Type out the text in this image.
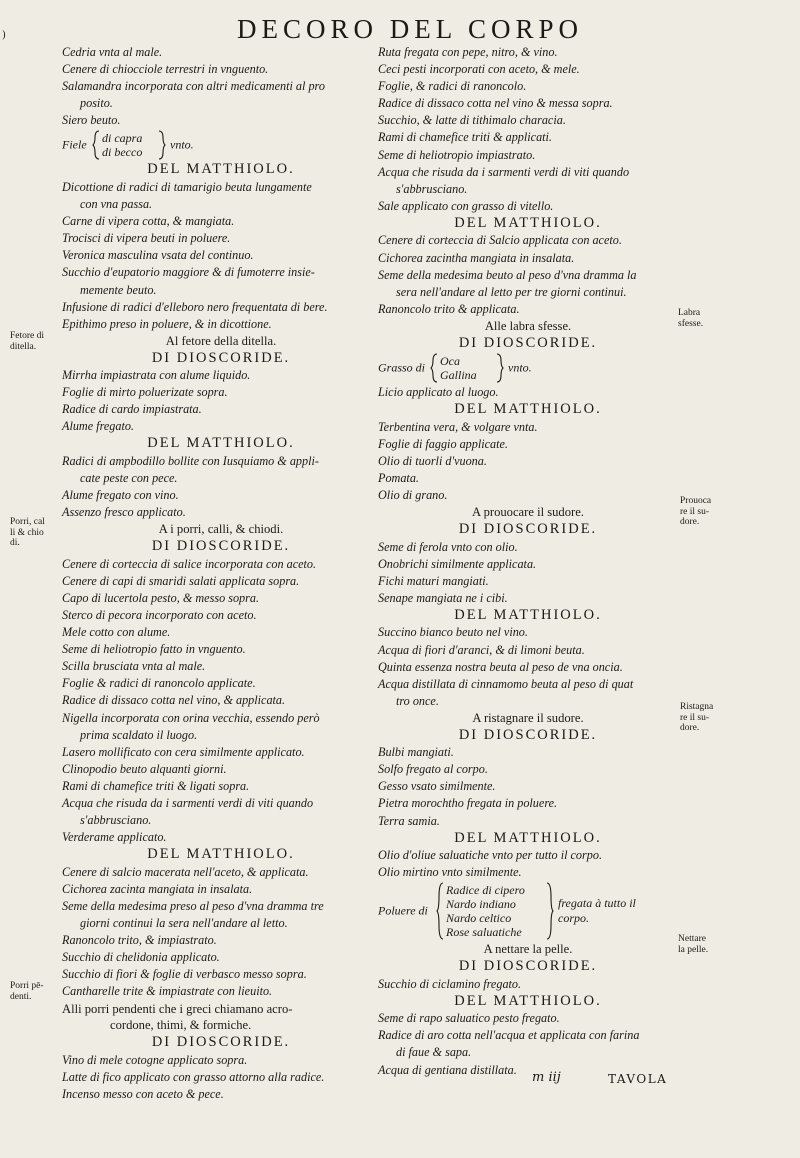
)	DECORO DEL CORPO
Cedria vnta al male.
Cenere di chiocciole terrestri in vnguento.
Salamandra incorporata con altri medicamenti al pro
posito.
Siero beuto.
Fiele di capra
di becco
vnto.
DEL MATTHIOLO.
Dicottione di radici di tamarigio beuta lungamente
con vna passa.
Carne di vipera cotta, & mangiata.
Trocisci di vipera beuti in poluere.
Veronica masculina vsata del continuo.
Succhio d'eupatorio maggiore & di fumoterre insie-
memente beuto.
Infusione di radici d'elleboro nero frequentata di bere.
Epithimo preso in poluere, & in dicottione.
Al fetore della ditella.
DI DIOSCORIDE.
Mirrha impiastrata con alume liquido.
Foglie di mirto poluerizate sopra.
Radice di cardo impiastrata.
Alume fregato.
DEL MATTHIOLO.
Radici di ampbodillo bollite con Iusquiamo & appli-
cate peste con pece.
Alume fregato con vino.
Assenzo fresco applicato.
A i porri, calli, & chiodi.
DI DIOSCORIDE.
Cenere di corteccia di salice incorporata con aceto.
Cenere di capi di smaridi salati applicata sopra.
Capo di lucertola pesto, & messo sopra.
Sterco di pecora incorporato con aceto.
Mele cotto con alume.
Seme di heliotropio fatto in vnguento.
Scilla brusciata vnta al male.
Foglie & radici di ranoncolo applicate.
Radice di dissaco cotta nel vino, & applicata.
Nigella incorporata con orina vecchia, essendo però
prima scaldato il luogo.
Lasero mollificato con cera similmente applicato.
Clinopodio beuto alquanti giorni.
Rami di chamefice triti & ligati sopra.
Acqua che risuda da i sarmenti verdi di viti quando
s'abbrusciano.
Verderame applicato.
DEL MATTHIOLO.
Cenere di salcio macerata nell'aceto, & applicata.
Cichorea zacinta mangiata in insalata.
Seme della medesima preso al peso d'vna dramma tre
giorni continui la sera nell'andare al letto.
Ranoncolo trito, & impiastrato.
Succhio di chelidonia applicato.
Succhio di fiori & foglie di verbasco messo sopra.
Cantharelle trite & impiastrate con lieuito.
Alli porri pendenti che i greci chiamano acro-
cordone, thimi, & formiche.
DI DIOSCORIDE.
Vino di mele cotogne applicato sopra.
Latte di fico applicato con grasso attorno alla radice.
Incenso messo con aceto & pece.
Ruta fregata con pepe, nitro, & vino.
Ceci pesti incorporati con aceto, & mele.
Foglie, & radici di ranoncolo.
Radice di dissaco cotta nel vino & messa sopra.
Succhio, & latte di tithimalo characia.
Rami di chamefice triti & applicati.
Seme di heliotropio impiastrato.
Acqua che risuda da i sarmenti verdi di viti quando
s'abbrusciano.
Sale applicato con grasso di vitello.
DEL MATTHIOLO.
Cenere di corteccia di Salcio applicata con aceto.
Cichorea zacintha mangiata in insalata.
Seme della medesima beuto al peso d'vna dramma la
sera nell'andare al letto per tre giorni continui.
Ranoncolo trito & applicata.
Alle labra sfesse.
DI DIOSCORIDE.
Grasso di Oca
Gallina
vnto.
Licio applicato al luogo.
DEL MATTHIOLO.
Terbentina vera, & volgare vnta.
Foglie di faggio applicate.
Olio di tuorli d'vuona.
Pomata.
Olio di grano.
A prouocare il sudore.
DI DIOSCORIDE.
Seme di ferola vnto con olio.
Onobrichi similmente applicata.
Fichi maturi mangiati.
Senape mangiata ne i cibi.
DEL MATTHIOLO.
Succino bianco beuto nel vino.
Acqua di fiori d'aranci, & di limoni beuta.
Quinta essenza nostra beuta al peso de vna oncia.
Acqua distillata di cinnamomo beuta al peso di quat
tro once.
A ristagnare il sudore.
DI DIOSCORIDE.
Bulbi mangiati.
Solfo fregato al corpo.
Gesso vsato similmente.
Pietra morochtho fregata in poluere.
Terra samia.
DEL MATTHIOLO.
Olio d'oliue saluatiche vnto per tutto il corpo.
Olio mirtino vnto similmente.
Poluere di
Radice di cipero
Nardo indiano
Nardo celtico
Rose saluatiche
fregata à tutto il corpo.
A nettare la pelle.
DI DIOSCORIDE.
Succhio di ciclamino fregato.
DEL MATTHIOLO.
Seme di rapo saluatico pesto fregato.
Radice di aro cotta nell'acqua et applicata con farina
di faue & sapa.
Acqua di gentiana distillata.
Fetore di
ditella.
Porri, cal
li & chio
di.
Porri pē-
denti.
Labra
sfesse.
Prouoca
re il su-
dore.
Ristagna
re il su-
dore.
Nettare
la pelle.
m iij	TAVOLA
